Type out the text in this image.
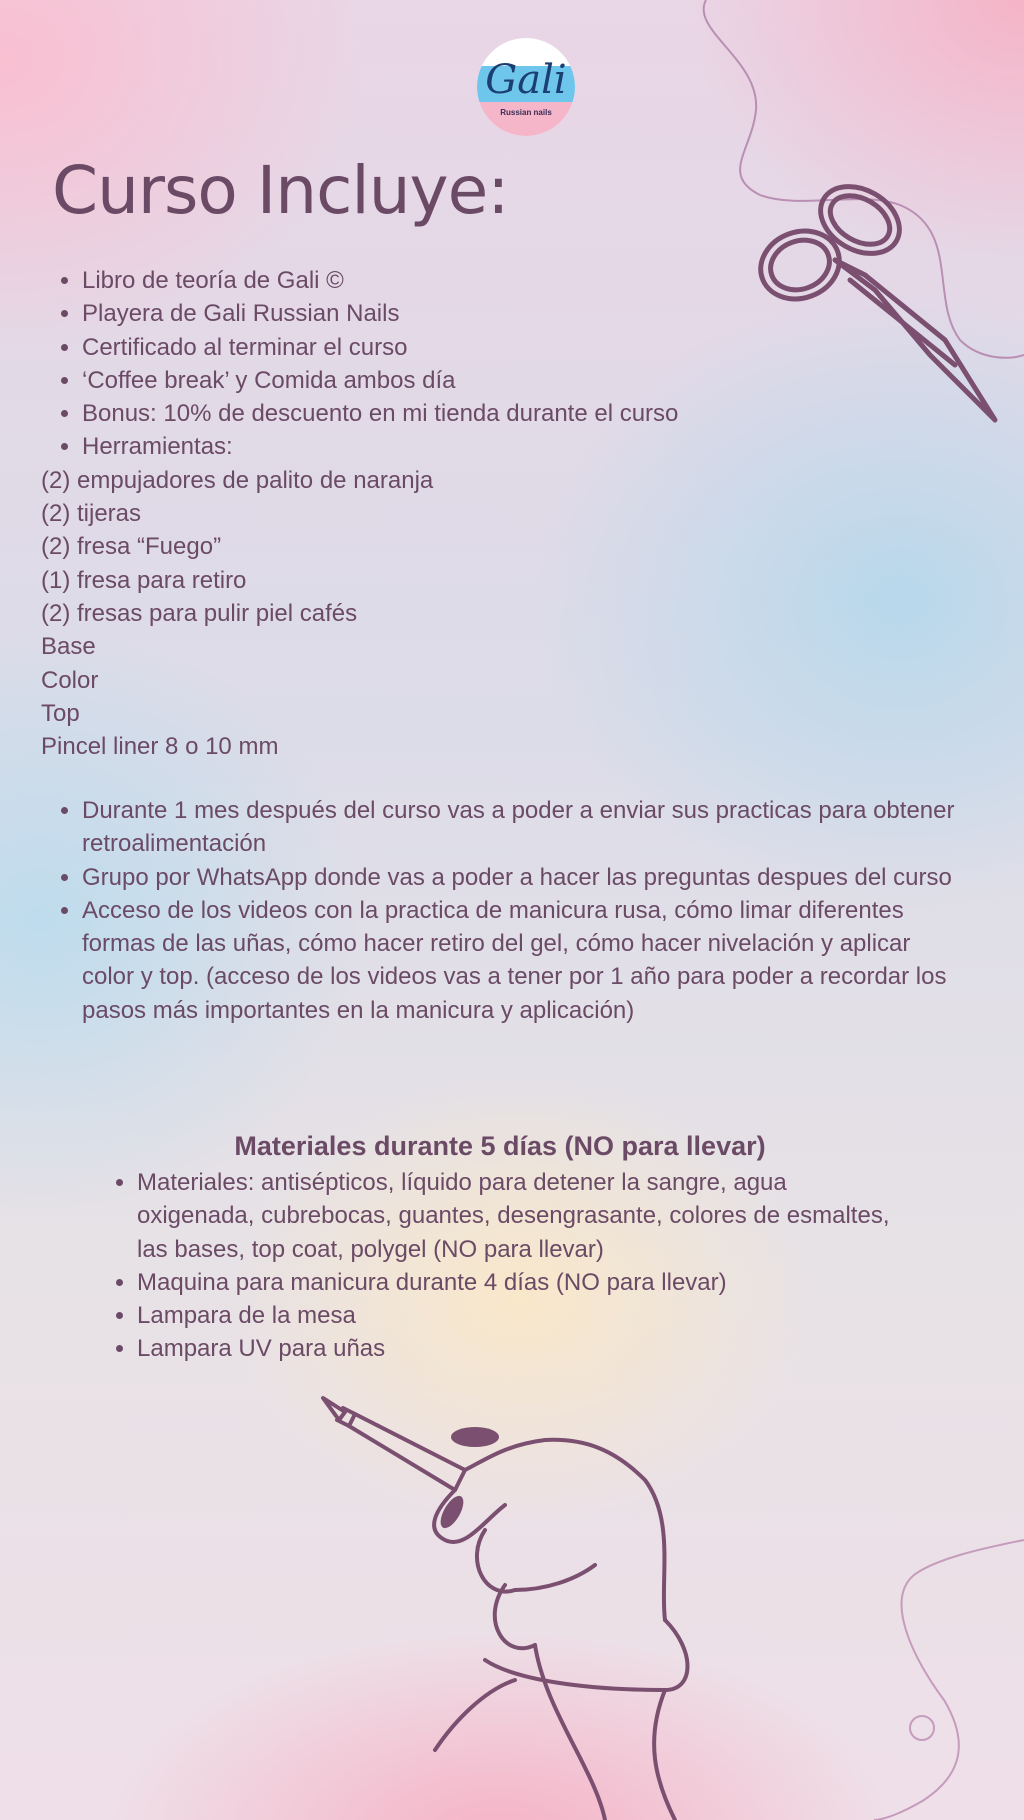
Gali
Russian nails
Curso Incluye:
• Libro de teoría de Gali ©
• Playera de Gali Russian Nails
• Certificado al terminar el curso
• ‘Coffee break’ y Comida ambos día
• Bonus: 10% de descuento en mi tienda durante el curso
• Herramientas:
(2) empujadores de palito de naranja
(2) tijeras
(2) fresa “Fuego”
(1) fresa para retiro
(2) fresas para pulir piel cafés
Base
Color
Top
Pincel liner 8 o 10 mm
• Durante 1 mes después del curso vas a poder a enviar sus practicas para obtener retroalimentación
• Grupo por WhatsApp donde vas a poder a hacer las preguntas despues del curso
• Acceso de los videos con la practica de manicura rusa, cómo limar diferentes formas de las uñas, cómo hacer retiro del gel, cómo hacer nivelación y aplicar color y top. (acceso de los videos vas a tener por 1 año para poder a recordar los pasos más importantes en la manicura y aplicación)
Materiales durante 5 días (NO para llevar)
• Materiales: antisépticos, líquido para detener la sangre, agua oxigenada, cubrebocas, guantes, desengrasante, colores de esmaltes, las bases, top coat, polygel (NO para llevar)
• Maquina para manicura durante 4 días (NO para llevar)
• Lampara de la mesa
• Lampara UV para uñas
